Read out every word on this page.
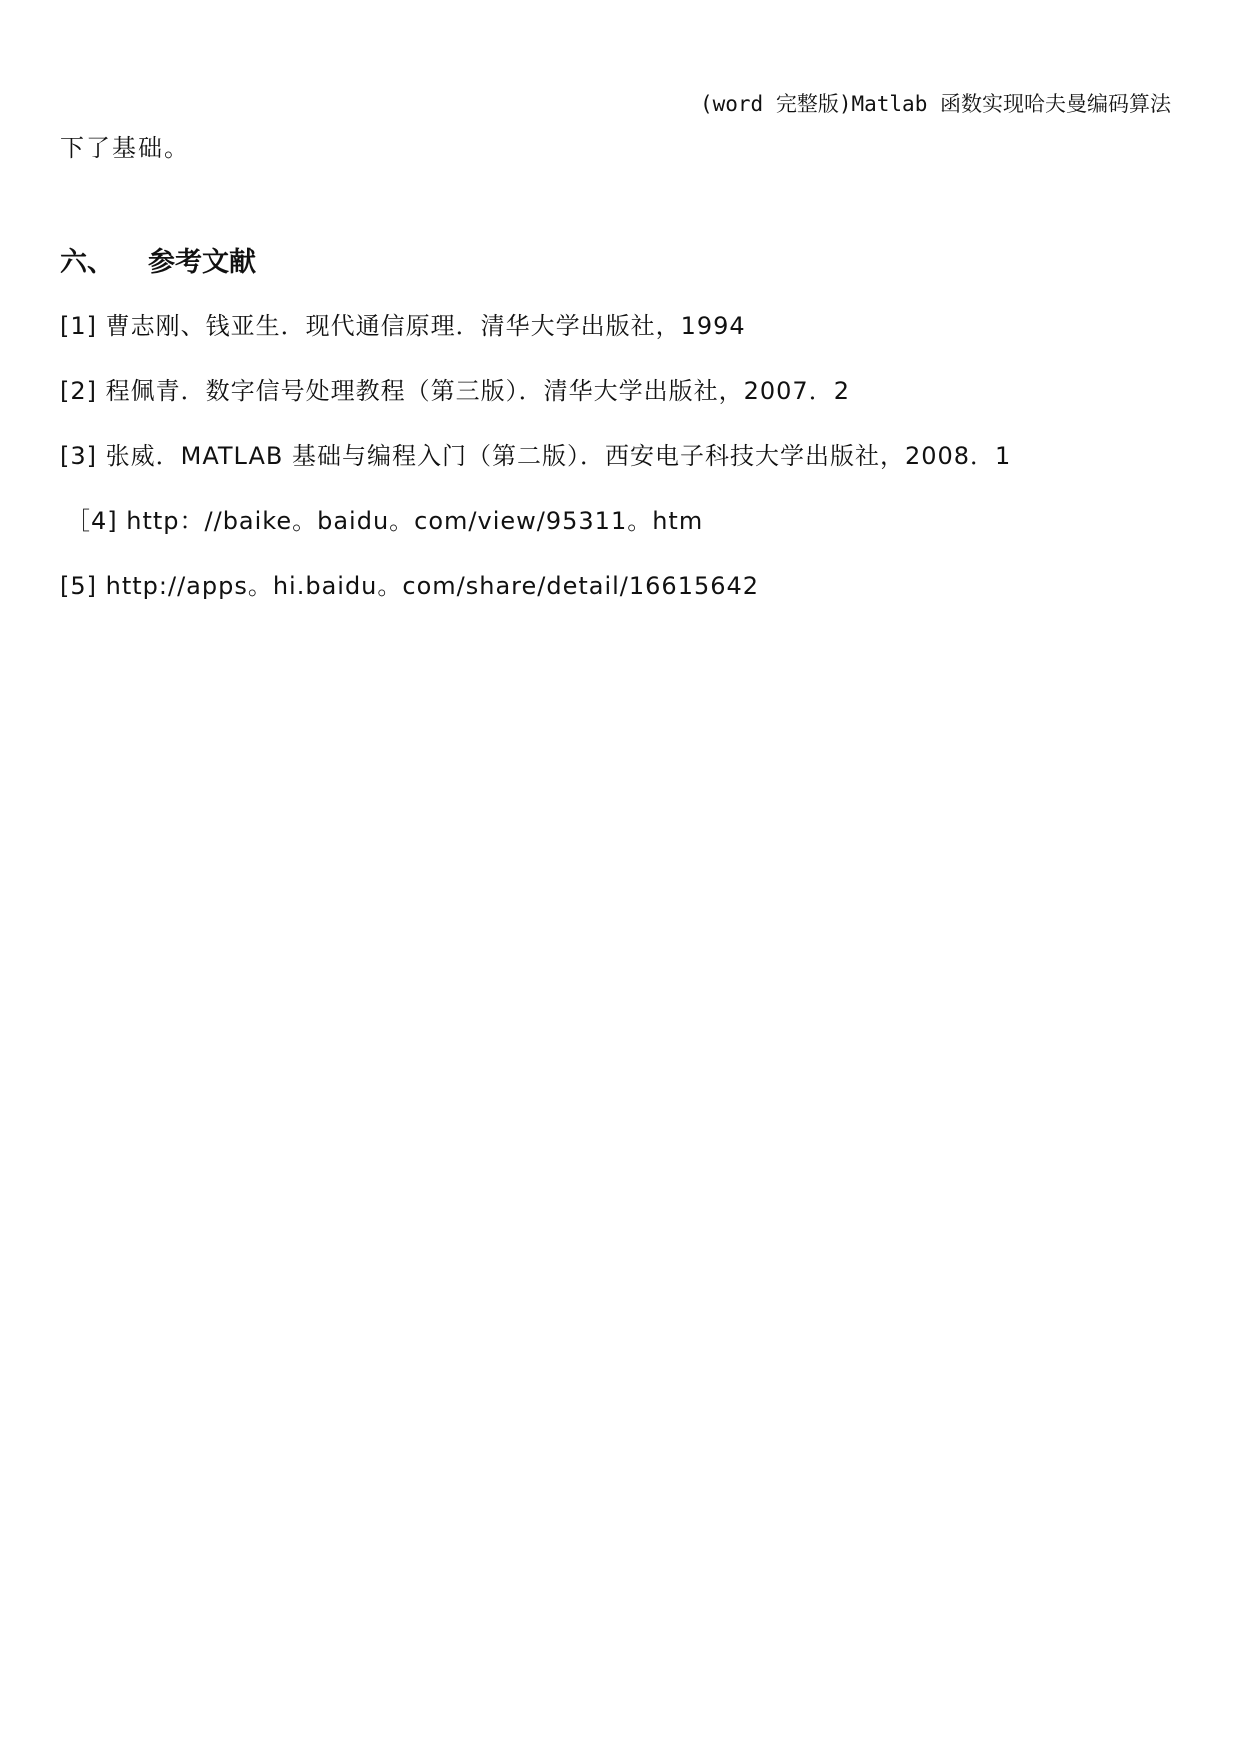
(word 完整版)Matlab 函数实现哈夫曼编码算法
下了基础。
六、 参考文献
[1] 曹志刚、钱亚生．现代通信原理．清华大学出版社，1994
[2] 程佩青．数字信号处理教程（第三版）．清华大学出版社，2007．2
[3] 张威．MATLAB 基础与编程入门（第二版）．西安电子科技大学出版社，2008．1
［4] http：//baike。baidu。com/view/95311。htm
[5] http://apps。hi.baidu。com/share/detail/16615642
